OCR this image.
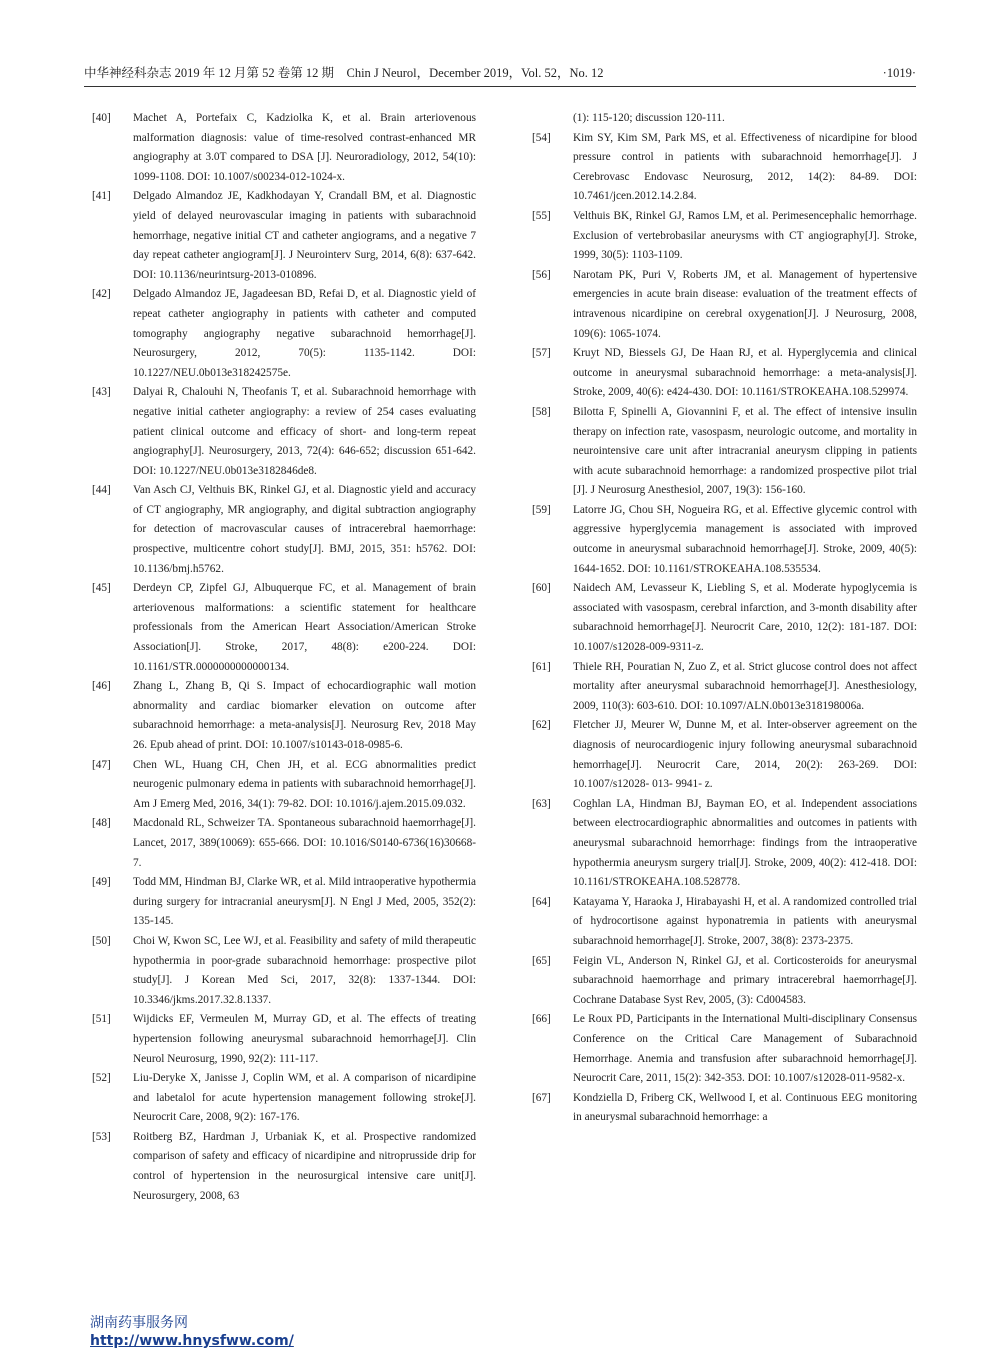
中华神经科杂志 2019 年 12 月第 52 卷第 12 期　Chin J Neurol，December 2019，Vol. 52，No. 12	·1019·
[40] Machet A, Portefaix C, Kadziolka K, et al. Brain arteriovenous malformation diagnosis: value of time-resolved contrast-enhanced MR angiography at 3.0T compared to DSA [J]. Neuroradiology, 2012, 54(10): 1099-1108. DOI: 10.1007/s00234-012-1024-x.
[41] Delgado Almandoz JE, Kadkhodayan Y, Crandall BM, et al. Diagnostic yield of delayed neurovascular imaging in patients with subarachnoid hemorrhage, negative initial CT and catheter angiograms, and a negative 7 day repeat catheter angiogram[J]. J Neurointerv Surg, 2014, 6(8): 637-642. DOI: 10.1136/neurintsurg-2013-010896.
[42] Delgado Almandoz JE, Jagadeesan BD, Refai D, et al. Diagnostic yield of repeat catheter angiography in patients with catheter and computed tomography angiography negative subarachnoid hemorrhage[J]. Neurosurgery, 2012, 70(5): 1135-1142. DOI: 10.1227/NEU.0b013e318242575e.
[43] Dalyai R, Chalouhi N, Theofanis T, et al. Subarachnoid hemorrhage with negative initial catheter angiography: a review of 254 cases evaluating patient clinical outcome and efficacy of short- and long-term repeat angiography[J]. Neurosurgery, 2013, 72(4): 646-652; discussion 651-642. DOI: 10.1227/NEU.0b013e3182846de8.
[44] Van Asch CJ, Velthuis BK, Rinkel GJ, et al. Diagnostic yield and accuracy of CT angiography, MR angiography, and digital subtraction angiography for detection of macrovascular causes of intracerebral haemorrhage: prospective, multicentre cohort study[J]. BMJ, 2015, 351: h5762. DOI: 10.1136/bmj.h5762.
[45] Derdeyn CP, Zipfel GJ, Albuquerque FC, et al. Management of brain arteriovenous malformations: a scientific statement for healthcare professionals from the American Heart Association/American Stroke Association[J]. Stroke, 2017, 48(8): e200-224. DOI: 10.1161/STR.0000000000000134.
[46] Zhang L, Zhang B, Qi S. Impact of echocardiographic wall motion abnormality and cardiac biomarker elevation on outcome after subarachnoid hemorrhage: a meta-analysis[J]. Neurosurg Rev, 2018 May 26. Epub ahead of print. DOI: 10.1007/s10143-018-0985-6.
[47] Chen WL, Huang CH, Chen JH, et al. ECG abnormalities predict neurogenic pulmonary edema in patients with subarachnoid hemorrhage[J]. Am J Emerg Med, 2016, 34(1): 79-82. DOI: 10.1016/j.ajem.2015.09.032.
[48] Macdonald RL, Schweizer TA. Spontaneous subarachnoid haemorrhage[J]. Lancet, 2017, 389(10069): 655-666. DOI: 10.1016/S0140-6736(16)30668-7.
[49] Todd MM, Hindman BJ, Clarke WR, et al. Mild intraoperative hypothermia during surgery for intracranial aneurysm[J]. N Engl J Med, 2005, 352(2): 135-145.
[50] Choi W, Kwon SC, Lee WJ, et al. Feasibility and safety of mild therapeutic hypothermia in poor-grade subarachnoid hemorrhage: prospective pilot study[J]. J Korean Med Sci, 2017, 32(8): 1337-1344. DOI: 10.3346/jkms.2017.32.8.1337.
[51] Wijdicks EF, Vermeulen M, Murray GD, et al. The effects of treating hypertension following aneurysmal subarachnoid hemorrhage[J]. Clin Neurol Neurosurg, 1990, 92(2): 111-117.
[52] Liu-Deryke X, Janisse J, Coplin WM, et al. A comparison of nicardipine and labetalol for acute hypertension management following stroke[J]. Neurocrit Care, 2008, 9(2): 167-176.
[53] Roitberg BZ, Hardman J, Urbaniak K, et al. Prospective randomized comparison of safety and efficacy of nicardipine and nitroprusside drip for control of hypertension in the neurosurgical intensive care unit[J]. Neurosurgery, 2008, 63
(1): 115-120; discussion 120-111.
[54] Kim SY, Kim SM, Park MS, et al. Effectiveness of nicardipine for blood pressure control in patients with subarachnoid hemorrhage[J]. J Cerebrovasc Endovasc Neurosurg, 2012, 14(2): 84-89. DOI: 10.7461/jcen.2012.14.2.84.
[55] Velthuis BK, Rinkel GJ, Ramos LM, et al. Perimesencephalic hemorrhage. Exclusion of vertebrobasilar aneurysms with CT angiography[J]. Stroke, 1999, 30(5): 1103-1109.
[56] Narotam PK, Puri V, Roberts JM, et al. Management of hypertensive emergencies in acute brain disease: evaluation of the treatment effects of intravenous nicardipine on cerebral oxygenation[J]. J Neurosurg, 2008, 109(6): 1065-1074.
[57] Kruyt ND, Biessels GJ, De Haan RJ, et al. Hyperglycemia and clinical outcome in aneurysmal subarachnoid hemorrhage: a meta-analysis[J]. Stroke, 2009, 40(6): e424-430. DOI: 10.1161/STROKEAHA.108.529974.
[58] Bilotta F, Spinelli A, Giovannini F, et al. The effect of intensive insulin therapy on infection rate, vasospasm, neurologic outcome, and mortality in neurointensive care unit after intracranial aneurysm clipping in patients with acute subarachnoid hemorrhage: a randomized prospective pilot trial [J]. J Neurosurg Anesthesiol, 2007, 19(3): 156-160.
[59] Latorre JG, Chou SH, Nogueira RG, et al. Effective glycemic control with aggressive hyperglycemia management is associated with improved outcome in aneurysmal subarachnoid hemorrhage[J]. Stroke, 2009, 40(5): 1644-1652. DOI: 10.1161/STROKEAHA.108.535534.
[60] Naidech AM, Levasseur K, Liebling S, et al. Moderate hypoglycemia is associated with vasospasm, cerebral infarction, and 3-month disability after subarachnoid hemorrhage[J]. Neurocrit Care, 2010, 12(2): 181-187. DOI: 10.1007/s12028-009-9311-z.
[61] Thiele RH, Pouratian N, Zuo Z, et al. Strict glucose control does not affect mortality after aneurysmal subarachnoid hemorrhage[J]. Anesthesiology, 2009, 110(3): 603-610. DOI: 10.1097/ALN.0b013e318198006a.
[62] Fletcher JJ, Meurer W, Dunne M, et al. Inter-observer agreement on the diagnosis of neurocardiogenic injury following aneurysmal subarachnoid hemorrhage[J]. Neurocrit Care, 2014, 20(2): 263-269. DOI: 10.1007/s12028- 013- 9941- z.
[63] Coghlan LA, Hindman BJ, Bayman EO, et al. Independent associations between electrocardiographic abnormalities and outcomes in patients with aneurysmal subarachnoid hemorrhage: findings from the intraoperative hypothermia aneurysm surgery trial[J]. Stroke, 2009, 40(2): 412-418. DOI: 10.1161/STROKEAHA.108.528778.
[64] Katayama Y, Haraoka J, Hirabayashi H, et al. A randomized controlled trial of hydrocortisone against hyponatremia in patients with aneurysmal subarachnoid hemorrhage[J]. Stroke, 2007, 38(8): 2373-2375.
[65] Feigin VL, Anderson N, Rinkel GJ, et al. Corticosteroids for aneurysmal subarachnoid haemorrhage and primary intracerebral haemorrhage[J]. Cochrane Database Syst Rev, 2005, (3): Cd004583.
[66] Le Roux PD, Participants in the International Multi-disciplinary Consensus Conference on the Critical Care Management of Subarachnoid Hemorrhage. Anemia and transfusion after subarachnoid hemorrhage[J]. Neurocrit Care, 2011, 15(2): 342-353. DOI: 10.1007/s12028-011-9582-x.
[67] Kondziella D, Friberg CK, Wellwood I, et al. Continuous EEG monitoring in aneurysmal subarachnoid hemorrhage: a
湖南药事服务网
http://www.hnysfww.com/
